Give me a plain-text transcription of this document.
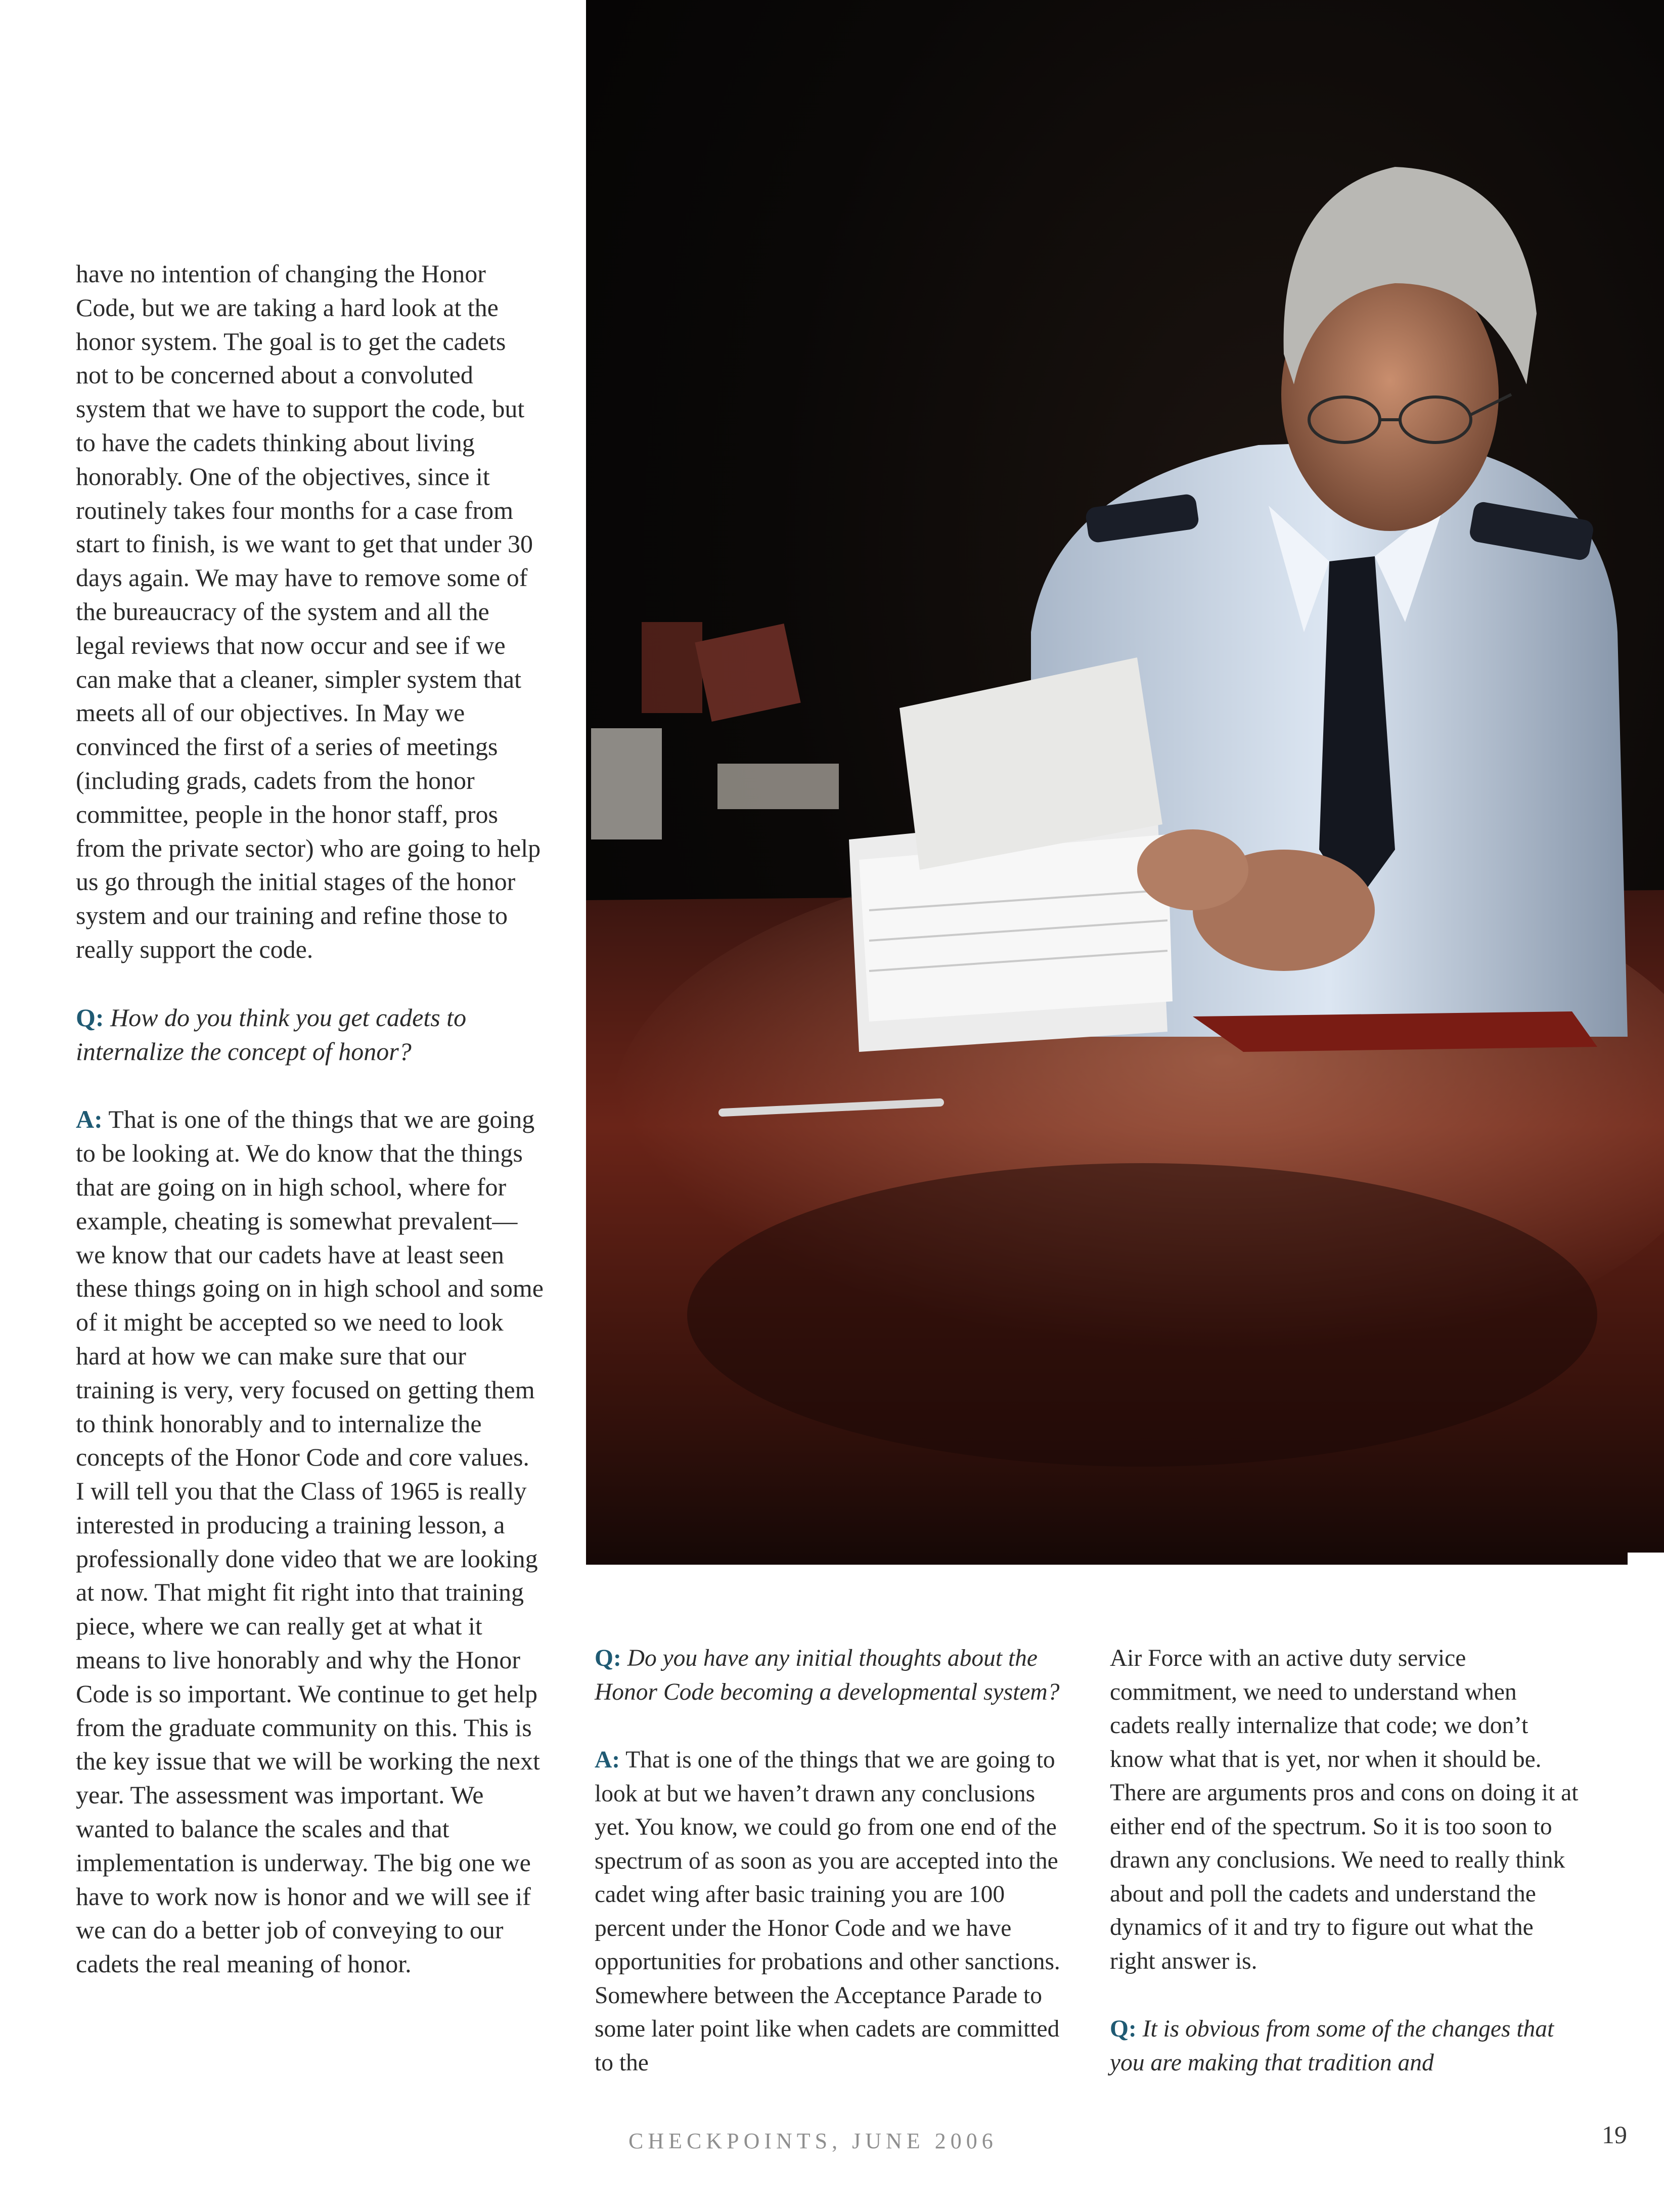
have no intention of changing the Honor Code, but we are taking a hard look at the honor system. The goal is to get the cadets not to be concerned about a convoluted system that we have to support the code, but to have the cadets thinking about living honorably. One of the objectives, since it routinely takes four months for a case from start to finish, is we want to get that under 30 days again. We may have to remove some of the bureaucracy of the system and all the legal reviews that now occur and see if we can make that a cleaner, simpler system that meets all of our objectives. In May we convinced the first of a series of meetings (including grads, cadets from the honor committee, people in the honor staff, pros from the private sector) who are going to help us go through the initial stages of the honor system and our training and refine those to really support the code.

Q: How do you think you get cadets to internalize the concept of honor?

A: That is one of the things that we are going to be looking at. We do know that the things that are going on in high school, where for example, cheating is somewhat prevalent—we know that our cadets have at least seen these things going on in high school and some of it might be accepted so we need to look hard at how we can make sure that our training is very, very focused on getting them to think honorably and to internalize the concepts of the Honor Code and core values. I will tell you that the Class of 1965 is really interested in producing a training lesson, a professionally done video that we are looking at now. That might fit right into that training piece, where we can really get at what it means to live honorably and why the Honor Code is so important. We continue to get help from the graduate community on this. This is the key issue that we will be working the next year. The assessment was important. We wanted to balance the scales and that implementation is underway. The big one we have to work now is honor and we will see if we can do a better job of conveying to our cadets the real meaning of honor.

Q: Do you have any initial thoughts about the Honor Code becoming a developmental system?

A: That is one of the things that we are going to look at but we haven’t drawn any conclusions yet. You know, we could go from one end of the spectrum of as soon as you are accepted into the cadet wing after basic training you are 100 percent under the Honor Code and we have opportunities for probations and other sanctions. Somewhere between the Acceptance Parade to some later point like when cadets are committed to the

Air Force with an active duty service commitment, we need to understand when cadets really internalize that code; we don’t know what that is yet, nor when it should be. There are arguments pros and cons on doing it at either end of the spectrum. So it is too soon to drawn any conclusions. We need to really think about and poll the cadets and understand the dynamics of it and try to figure out what the right answer is.

Q: It is obvious from some of the changes that you are making that tradition and

CHECKPOINTS, JUNE 2006	19
